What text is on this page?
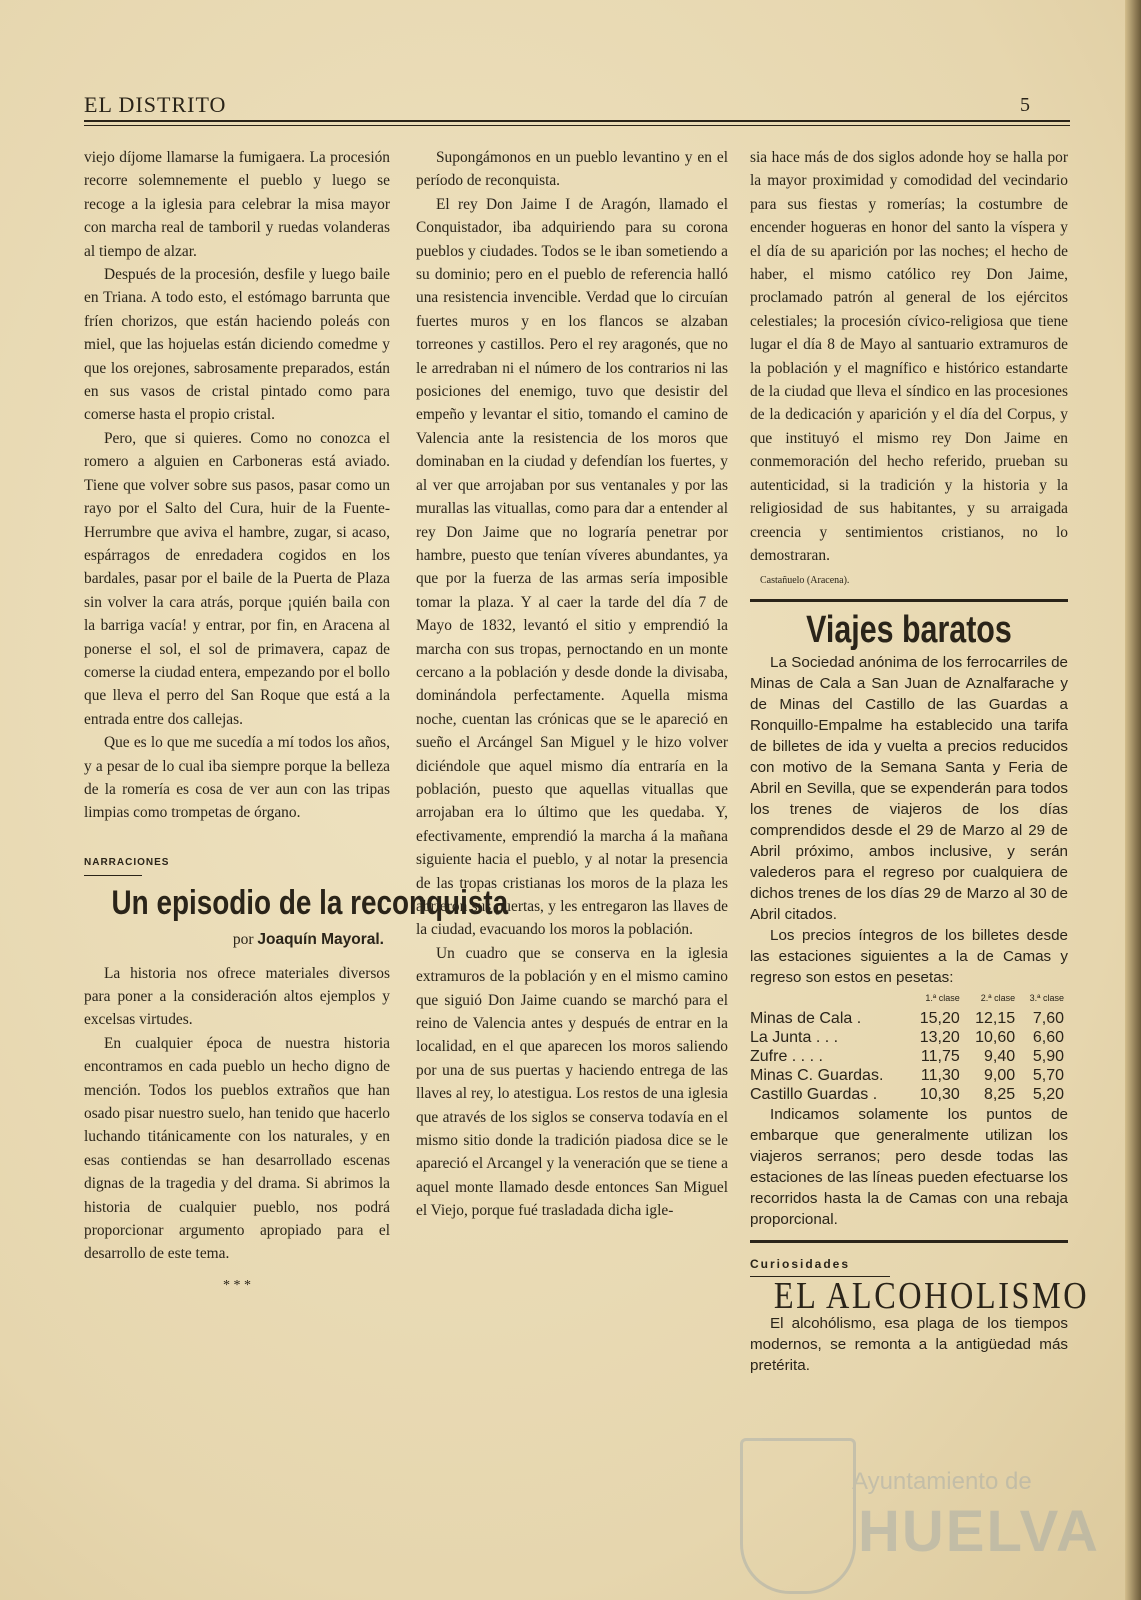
EL DISTRITO	5

viejo díjome llamarse la fumigaera. La procesión recorre solemnemente el pueblo y luego se recoge a la iglesia para celebrar la misa mayor con marcha real de tamboril y ruedas volanderas al tiempo de alzar.

Después de la procesión, desfile y luego baile en Triana. A todo esto, el estómago barrunta que fríen chorizos, que están haciendo poleás con miel, que las hojuelas están diciendo comedme y que los orejones, sabrosamente preparados, están en sus vasos de cristal pintado como para comerse hasta el propio cristal.

Pero, que si quieres. Como no conozca el romero a alguien en Carboneras está aviado. Tiene que volver sobre sus pasos, pasar como un rayo por el Salto del Cura, huir de la Fuente-Herrumbre que aviva el hambre, zugar, si acaso, espárragos de enredadera cogidos en los bardales, pasar por el baile de la Puerta de Plaza sin volver la cara atrás, porque ¡quién baila con la barriga vacía! y entrar, por fin, en Aracena al ponerse el sol, el sol de primavera, capaz de comerse la ciudad entera, empezando por el bollo que lleva el perro del San Roque que está a la entrada entre dos callejas.

Que es lo que me sucedía a mí todos los años, y a pesar de lo cual iba siempre porque la belleza de la romería es cosa de ver aun con las tripas limpias como trompetas de órgano.

NARRACIONES
Un episodio de la reconquista
por Joaquín Mayoral.

La historia nos ofrece materiales diversos para poner a la consideración altos ejemplos y excelsas virtudes.

En cualquier época de nuestra historia encontramos en cada pueblo un hecho digno de mención. Todos los pueblos extraños que han osado pisar nuestro suelo, han tenido que hacerlo luchando titánicamente con los naturales, y en esas contiendas se han desarrollado escenas dignas de la tragedia y del drama. Si abrimos la historia de cualquier pueblo, nos podrá proporcionar argumento apropiado para el desarrollo de este tema.

* * *

Supongámonos en un pueblo levantino y en el período de reconquista.

El rey Don Jaime I de Aragón, llamado el Conquistador, iba adquiriendo para su corona pueblos y ciudades. Todos se le iban sometiendo a su dominio; pero en el pueblo de referencia halló una resistencia invencible. Verdad que lo circuían fuertes muros y en los flancos se alzaban torreones y castillos. Pero el rey aragonés, que no le arredraban ni el número de los contrarios ni las posiciones del enemigo, tuvo que desistir del empeño y levantar el sitio, tomando el camino de Valencia ante la resistencia de los moros que dominaban en la ciudad y defendían los fuertes, y al ver que arrojaban por sus ventanales y por las murallas las vituallas, como para dar a entender al rey Don Jaime que no lograría penetrar por hambre, puesto que tenían víveres abundantes, ya que por la fuerza de las armas sería imposible tomar la plaza. Y al caer la tarde del día 7 de Mayo de 1832, levantó el sitio y emprendió la marcha con sus tropas, pernoctando en un monte cercano a la población y desde donde la divisaba, dominándola perfectamente. Aquella misma noche, cuentan las crónicas que se le apareció en sueño el Arcángel San Miguel y le hizo volver diciéndole que aquel mismo día entraría en la población, puesto que aquellas vituallas que arrojaban era lo último que les quedaba. Y, efectivamente, emprendió la marcha á la mañana siguiente hacia el pueblo, y al notar la presencia de las tropas cristianas los moros de la plaza les abrieron sus puertas, y les entregaron las llaves de la ciudad, evacuando los moros la población.

Un cuadro que se conserva en la iglesia extramuros de la población y en el mismo camino que siguió Don Jaime cuando se marchó para el reino de Valencia antes y después de entrar en la localidad, en el que aparecen los moros saliendo por una de sus puertas y haciendo entrega de las llaves al rey, lo atestigua. Los restos de una iglesia que através de los siglos se conserva todavía en el mismo sitio donde la tradición piadosa dice se le apareció el Arcangel y la veneración que se tiene a aquel monte llamado desde entonces San Miguel el Viejo, porque fué trasladada dicha igle-

sia hace más de dos siglos adonde hoy se halla por la mayor proximidad y comodidad del vecindario para sus fiestas y romerías; la costumbre de encender hogueras en honor del santo la víspera y el día de su aparición por las noches; el hecho de haber, el mismo católico rey Don Jaime, proclamado patrón al general de los ejércitos celestiales; la procesión cívico-religiosa que tiene lugar el día 8 de Mayo al santuario extramuros de la población y el magnífico e histórico estandarte de la ciudad que lleva el síndico en las procesiones de la dedicación y aparición y el día del Corpus, y que instituyó el mismo rey Don Jaime en conmemoración del hecho referido, prueban su autenticidad, si la tradición y la historia y la religiosidad de sus habitantes, y su arraigada creencia y sentimientos cristianos, no lo demostraran.

Castañuelo (Aracena).
Viajes baratos

La Sociedad anónima de los ferrocarriles de Minas de Cala a San Juan de Aznalfarache y de Minas del Castillo de las Guardas a Ronquillo-Empalme ha establecido una tarifa de billetes de ida y vuelta a precios reducidos con motivo de la Semana Santa y Feria de Abril en Sevilla, que se expenderán para todos los trenes de viajeros de los días comprendidos desde el 29 de Marzo al 29 de Abril próximo, ambos inclusive, y serán valederos para el regreso por cualquiera de dichos trenes de los días 29 de Marzo al 30 de Abril citados.

Los precios íntegros de los billetes desde las estaciones siguientes a la de Camas y regreso son estos en pesetas:

	1.ª clase	2.ª clase	3.ª clase
Minas de Cala .	15,20	12,15	7,60
La Junta . . .	13,20	10,60	6,60
Zufre . . . .	11,75	9,40	5,90
Minas C. Guardas.	11,30	9,00	5,70
Castillo Guardas .	10,30	8,25	5,20

Indicamos solamente los puntos de embarque que generalmente utilizan los viajeros serranos; pero desde todas las estaciones de las líneas pueden efectuarse los recorridos hasta la de Camas con una rebaja proporcional.

Curiosidades
EL ALCOHOLISMO

El alcohólismo, esa plaga de los tiempos modernos, se remonta a la antigüedad más pretérita.

Ayuntamiento de
HUELVA
